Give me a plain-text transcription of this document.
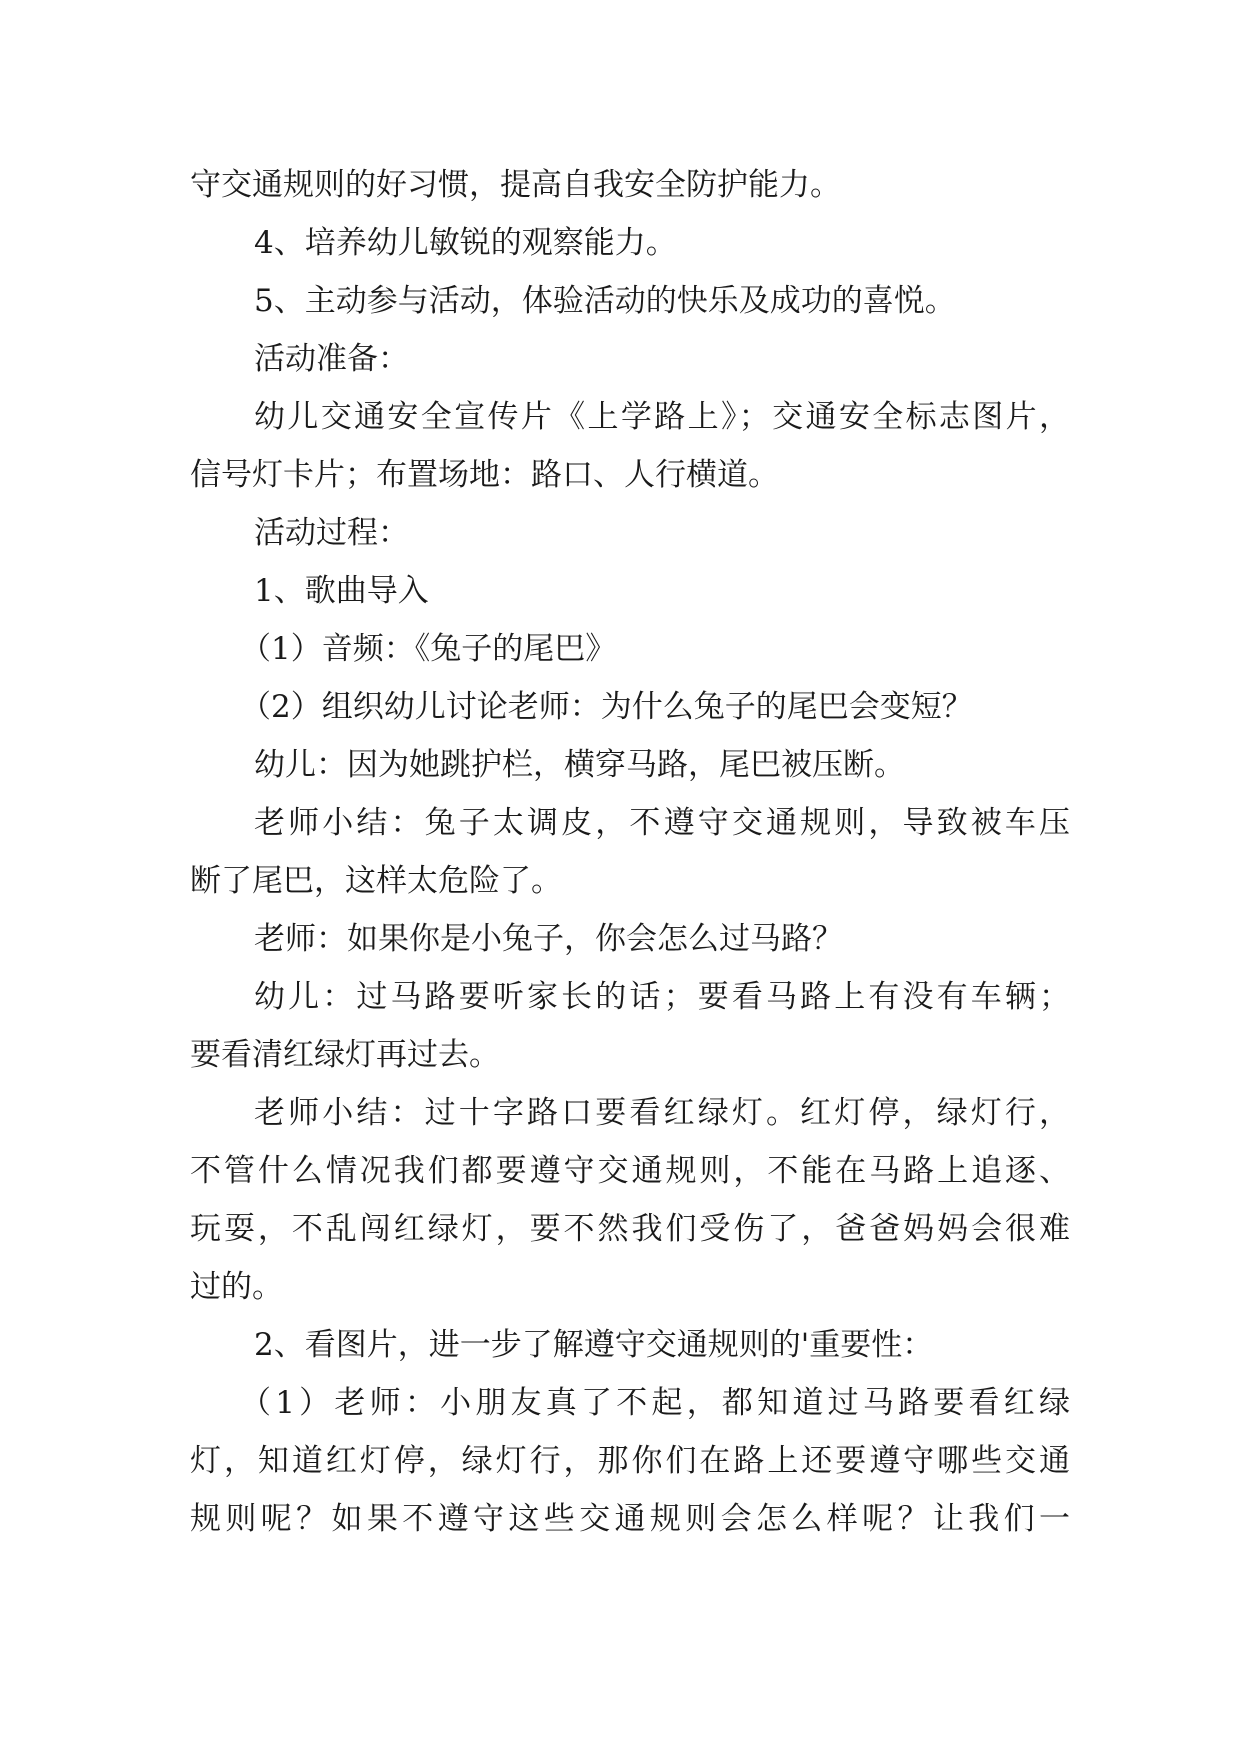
守交通规则的好习惯，提高自我安全防护能力。
4、培养幼儿敏锐的观察能力。
5、主动参与活动，体验活动的快乐及成功的喜悦。
活动准备：
幼儿交通安全宣传片《上学路上》；交通安全标志图片，
信号灯卡片；布置场地：路口、人行横道。
活动过程：
1、歌曲导入
（1）音频：《兔子的尾巴》
（2）组织幼儿讨论老师：为什么兔子的尾巴会变短？
幼儿：因为她跳护栏，横穿马路，尾巴被压断。
老师小结：兔子太调皮，不遵守交通规则，导致被车压
断了尾巴，这样太危险了。
老师：如果你是小兔子，你会怎么过马路？
幼儿：过马路要听家长的话；要看马路上有没有车辆；
要看清红绿灯再过去。
老师小结：过十字路口要看红绿灯。红灯停，绿灯行，
不管什么情况我们都要遵守交通规则，不能在马路上追逐、
玩耍，不乱闯红绿灯，要不然我们受伤了，爸爸妈妈会很难
过的。
2、看图片，进一步了解遵守交通规则的'重要性：
（1）老师：小朋友真了不起，都知道过马路要看红绿
灯，知道红灯停，绿灯行，那你们在路上还要遵守哪些交通
规则呢？如果不遵守这些交通规则会怎么样呢？让我们一
